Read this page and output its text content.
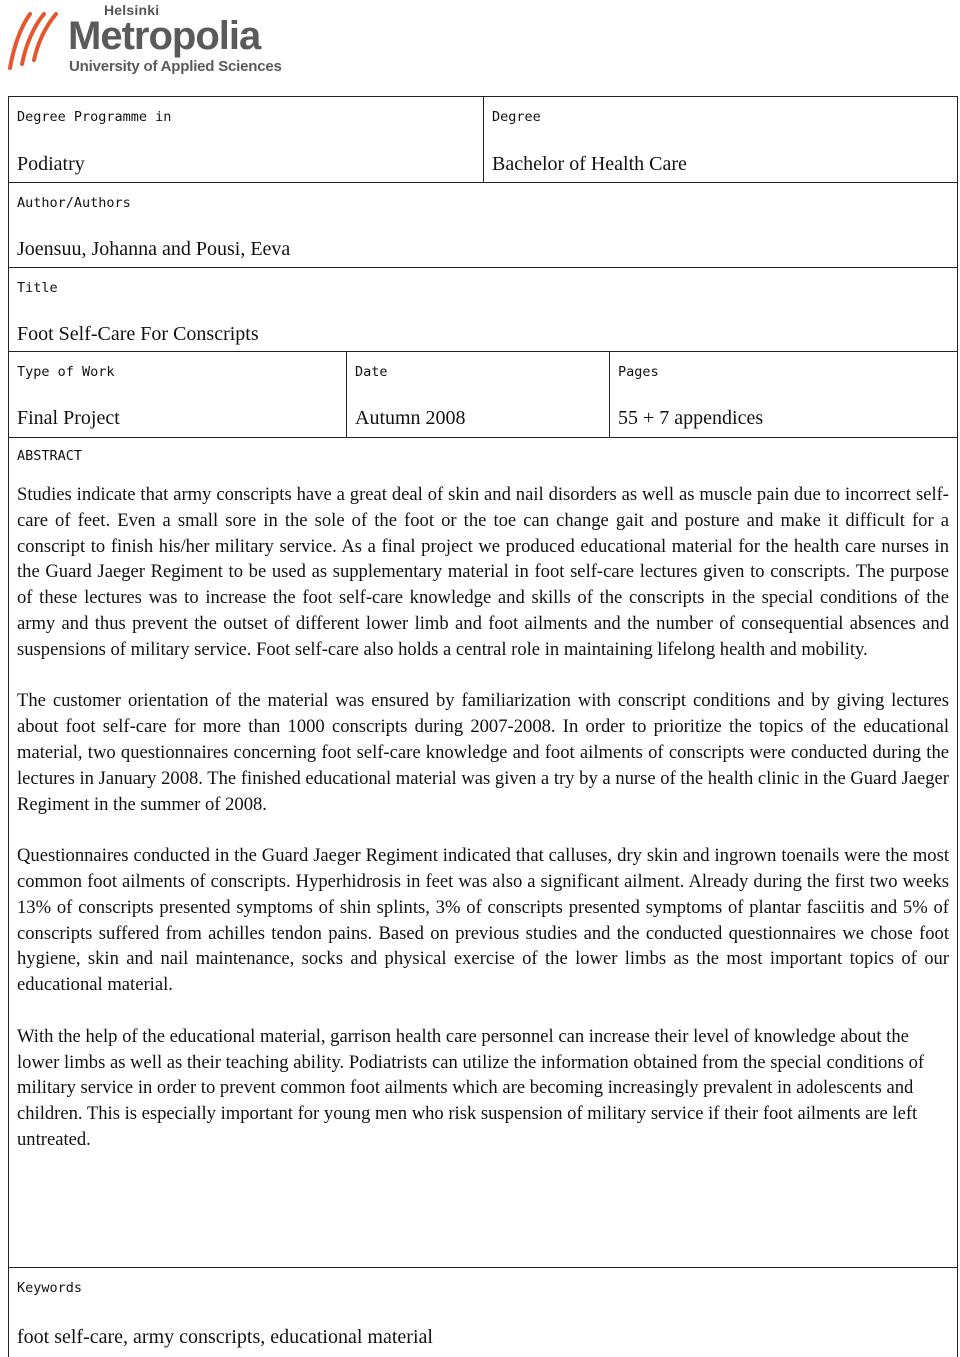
Helsinki
Metropolia
University of Applied Sciences
Degree Programme in
Podiatry
Degree
Bachelor of Health Care
Author/Authors
Joensuu, Johanna and Pousi, Eeva
Title
Foot Self-Care For Conscripts
Type of Work
Final Project
Date
Autumn 2008
Pages
55 + 7 appendices
ABSTRACT

Studies indicate that army conscripts have a great deal of skin and nail disorders as well as muscle pain due to incorrect self-care of feet. Even a small sore in the sole of the foot or the toe can change gait and posture and make it difficult for a conscript to finish his/her military service. As a final project we produced educational material for the health care nurses in the Guard Jaeger Regiment to be used as supplementary material in foot self-care lectures given to conscripts. The purpose of these lectures was to increase the foot self-care knowledge and skills of the conscripts in the special conditions of the army and thus prevent the outset of different lower limb and foot ailments and the number of consequential absences and suspensions of military service. Foot self-care also holds a central role in maintaining lifelong health and mobility.

The customer orientation of the material was ensured by familiarization with conscript conditions and by giving lectures about foot self-care for more than 1000 conscripts during 2007-2008. In order to prioritize the topics of the educational material, two questionnaires concerning foot self-care knowledge and foot ailments of conscripts were conducted during the lectures in January 2008. The finished educational material was given a try by a nurse of the health clinic in the Guard Jaeger Regiment in the summer of 2008.

Questionnaires conducted in the Guard Jaeger Regiment indicated that calluses, dry skin and ingrown toenails were the most common foot ailments of conscripts. Hyperhidrosis in feet was also a significant ailment. Already during the first two weeks 13% of conscripts presented symptoms of shin splints, 3% of conscripts presented symptoms of plantar fasciitis and 5% of conscripts suffered from achilles tendon pains. Based on previous studies and the conducted questionnaires we chose foot hygiene, skin and nail maintenance, socks and physical exercise of the lower limbs as the most important topics of our educational material.

With the help of the educational material, garrison health care personnel can increase their level of knowledge about the lower limbs as well as their teaching ability. Podiatrists can utilize the information obtained from the special conditions of military service in order to prevent common foot ailments which are becoming increasingly prevalent in adolescents and children. This is especially important for young men who risk suspension of military service if their foot ailments are left untreated.

Keywords
foot self-care, army conscripts, educational material
